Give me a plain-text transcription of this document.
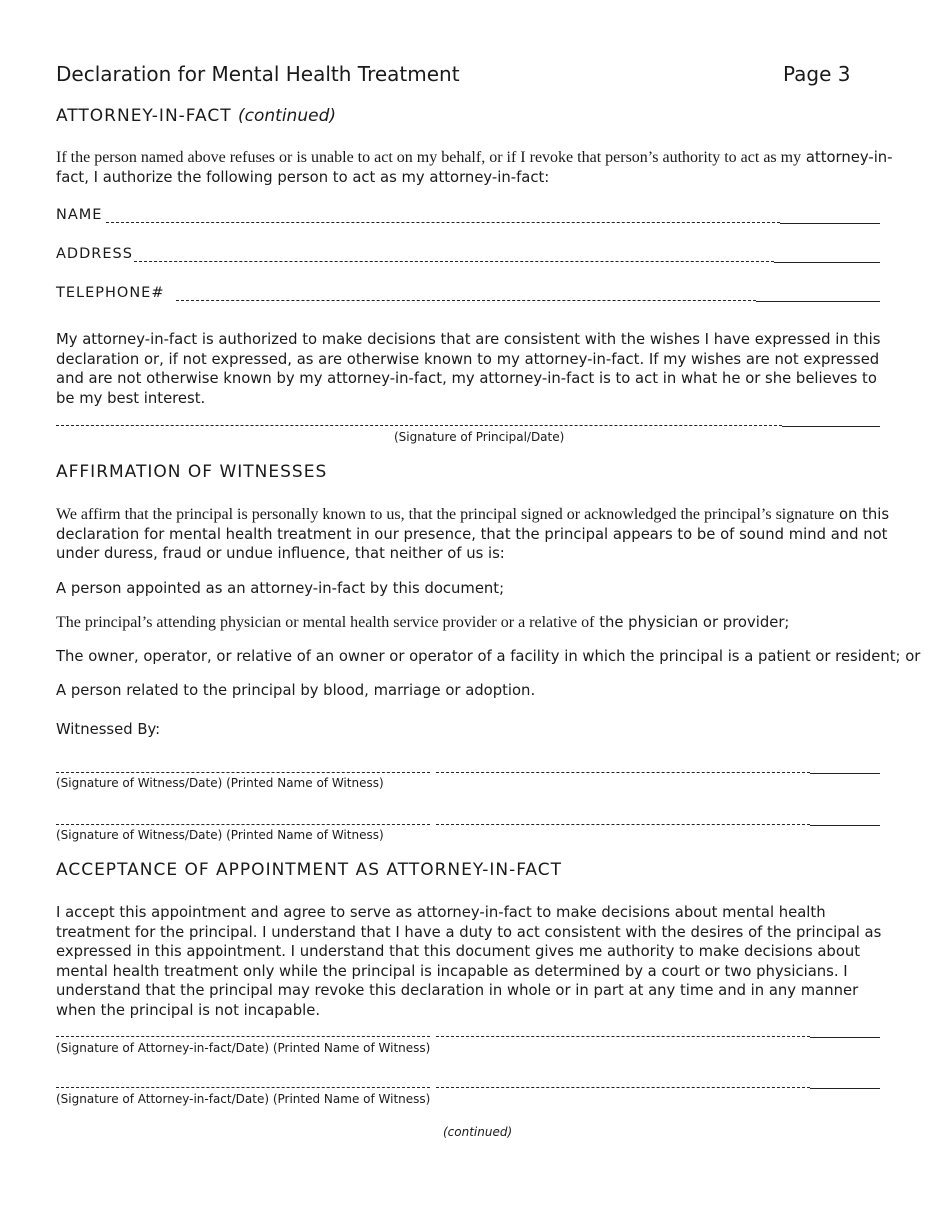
Declaration for Mental Health Treatment	Page 3

ATTORNEY-IN-FACT (continued)

If the person named above refuses or is unable to act on my behalf, or if I revoke that person’s authority to act as my attorney-in-fact, I authorize the following person to act as my attorney-in-fact:

NAME

ADDRESS

TELEPHONE#

My attorney-in-fact is authorized to make decisions that are consistent with the wishes I have expressed in this declaration or, if not expressed, as are otherwise known to my attorney-in-fact. If my wishes are not expressed and are not otherwise known by my attorney-in-fact, my attorney-in-fact is to act in what he or she believes to be my best interest.

(Signature of Principal/Date)

AFFIRMATION OF WITNESSES

We affirm that the principal is personally known to us, that the principal signed or acknowledged the principal’s signature on this declaration for mental health treatment in our presence, that the principal appears to be of sound mind and not under duress, fraud or undue influence, that neither of us is:

A person appointed as an attorney-in-fact by this document;

The principal’s attending physician or mental health service provider or a relative of the physician or provider;

The owner, operator, or relative of an owner or operator of a facility in which the principal is a patient or resident; or

A person related to the principal by blood, marriage or adoption.

Witnessed By:

(Signature of Witness/Date) (Printed Name of Witness)

(Signature of Witness/Date) (Printed Name of Witness)

ACCEPTANCE OF APPOINTMENT AS ATTORNEY-IN-FACT

I accept this appointment and agree to serve as attorney-in-fact to make decisions about mental health treatment for the principal. I understand that I have a duty to act consistent with the desires of the principal as expressed in this appointment. I understand that this document gives me authority to make decisions about mental health treatment only while the principal is incapable as determined by a court or two physicians. I understand that the principal may revoke this declaration in whole or in part at any time and in any manner when the principal is not incapable.

(Signature of Attorney-in-fact/Date) (Printed Name of Witness)

(Signature of Attorney-in-fact/Date) (Printed Name of Witness)

(continued)
